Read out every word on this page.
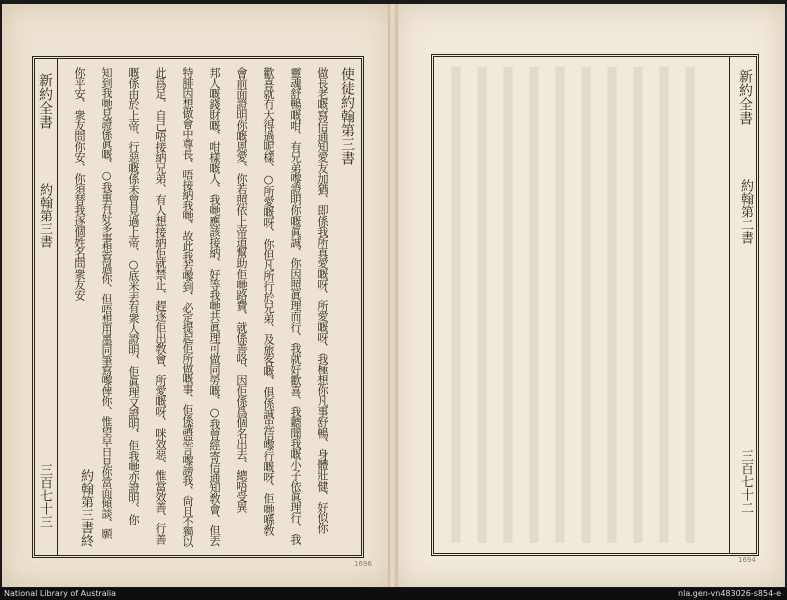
新約全書
約翰第三書
三百七十三 約翰第三書終
使徒約翰第三書
做長老嘅寫信通知愛友加猶、即係我所真愛嘅呀、所愛嘅呀、我極想你凡事舒暢、身體壯健、好似你
靈魂舒暢嘅咁、有兄弟嚟證明你嘅眞誠、你因照眞理而行、我就好歡喜、我聽聞我嘅小子依眞理行、我
歡喜就冇大得過呢樣、○所愛嘅呀、你但凡所行於兄弟、及旅客嘅、俱係誠忠信嚟行嘅呀、佢哋喺敎
會前面證明你嘅恩愛、你若照依上帝道幫助佢哋路費、就係善咯、因佢係爲個名出去、總唔受異
邦人嘅錢財嘅、咁樣嘅人、我哋應該接納、好等我哋共眞理可做同勞嘅、○我曾經寄信通知敎會、但丟
特腓因想做會中尊長、唔接納我哋、故此我若嚟到、必定提起佢所做嘅事、佢係講惡言嚟謗我、尙且不獨以
此爲足、自己唔接納兄弟、有人想接納佢就禁止、趕逐佢出敎會、所愛嘅呀、咪效惡、惟當效善、行善
嘅係由於上帝、行惡嘅係未曾見過上帝、○底米丟有衆人證明、佢眞理又證明、佢我哋亦證明、你
知到我哋見證係眞嘅、○我重有好多事想寫過你、但唔想用墨同筆寫嚟俾你、惟望早日見你當面傾談、願
你平安、衆友問你安、你須替我逐個姓名問衆友安	▒▒▒▒▒▒▒▒▒▒▒▒▒▒▒▒▒▒▒▒▒▒▒▒▒▒▒▒▒▒▒▒▒▒ ▒▒▒▒▒▒▒▒▒▒▒▒▒▒▒▒▒▒▒▒▒▒▒▒▒▒▒▒▒▒▒▒▒▒ ▒▒▒▒▒▒▒▒▒▒▒▒▒▒▒▒▒▒▒▒▒▒▒▒▒▒▒▒▒▒▒▒▒▒ ▒▒▒▒▒▒▒▒▒▒▒▒▒▒▒▒▒▒▒▒▒▒▒▒▒▒▒▒▒▒▒▒▒▒ ▒▒▒▒▒▒▒▒▒▒▒▒▒▒▒▒▒▒▒▒▒▒▒▒▒▒▒▒▒▒▒▒▒▒ ▒▒▒▒▒▒▒▒▒▒▒▒▒▒▒▒▒▒▒▒▒▒▒▒▒▒▒▒▒▒▒▒▒▒ ▒▒▒▒▒▒▒▒▒▒▒▒▒▒▒▒▒▒▒▒▒▒▒▒▒▒▒▒▒▒▒▒▒▒ ▒▒▒▒▒▒▒▒▒▒▒▒▒▒▒▒▒▒▒▒▒▒▒▒▒▒▒▒▒▒▒▒▒▒ ▒▒▒▒▒▒▒▒▒▒▒▒▒▒▒▒▒▒▒▒▒▒▒▒▒▒▒▒▒▒▒▒▒▒ ▒▒▒▒▒▒▒▒▒▒▒▒▒▒▒▒▒▒▒▒▒▒▒▒▒▒▒▒▒▒▒▒▒▒	新約全書
約翰第二書
三百七十二
1696	1694
National Library of Australia	nla.gen-vn483026-s854-e
